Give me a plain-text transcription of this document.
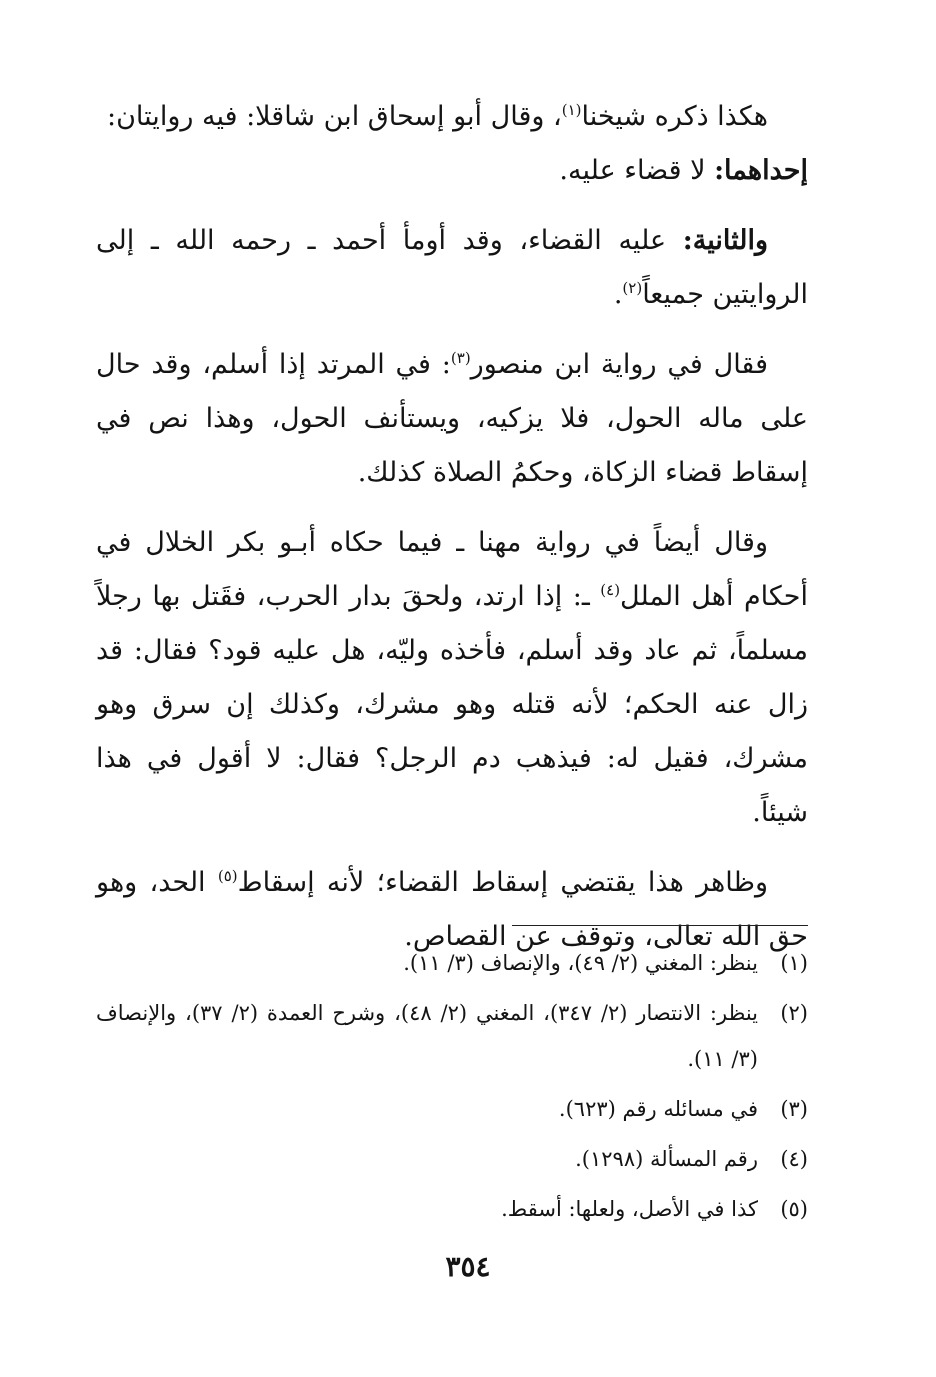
هكذا ذكره شيخنا$^{(١)}$، وقال أبو إسحاق ابن شاقلا: فيه روايتان:

إحداهما: لا قضاء عليه.

والثانية: عليه القضاء، وقد أومأ أحمد ـ رحمه الله ـ إلى الروايتين جميعاً$^{(٢)}$.

فقال في رواية ابن منصور$^{(٣)}$: في المرتد إذا أسلم، وقد حال على ماله الحول، فلا يزكيه، ويستأنف الحول، وهذا نص في إسقاط قضاء الزكاة، وحكمُ الصلاة كذلك.

وقال أيضاً في رواية مهنا ـ فيما حكاه أبـو بكر الخلال في أحكام أهل الملل$^{(٤)}$ ـ: إذا ارتد، ولحقَ بدار الحرب، فقَتل بها رجلاً مسلماً، ثم عاد وقد أسلم، فأخذه وليّه، هل عليه قود؟ فقال: قد زال عنه الحكم؛ لأنه قتله وهو مشرك، وكذلك إن سرق وهو مشرك، فقيل له: فيذهب دم الرجل؟ فقال: لا أقول في هذا شيئاً.

وظاهر هذا يقتضي إسقاط القضاء؛ لأنه إسقاط$^{(٥)}$ الحد، وهو حق الله تعالى، وتوقف عن القصاص.

(١)
ينظر: المغني (٢/ ٤٩)، والإنصاف (٣/ ١١).
(٢)
ينظر: الانتصار (٢/ ٣٤٧)، المغني (٢/ ٤٨)، وشرح العمدة (٢/ ٣٧)، والإنصاف (٣/ ١١).
(٣)
في مسائله رقم (٦٢٣).
(٤)
رقم المسألة (١٢٩٨).
(٥)
كذا في الأصل، ولعلها: أسقط.
٣٥٤
